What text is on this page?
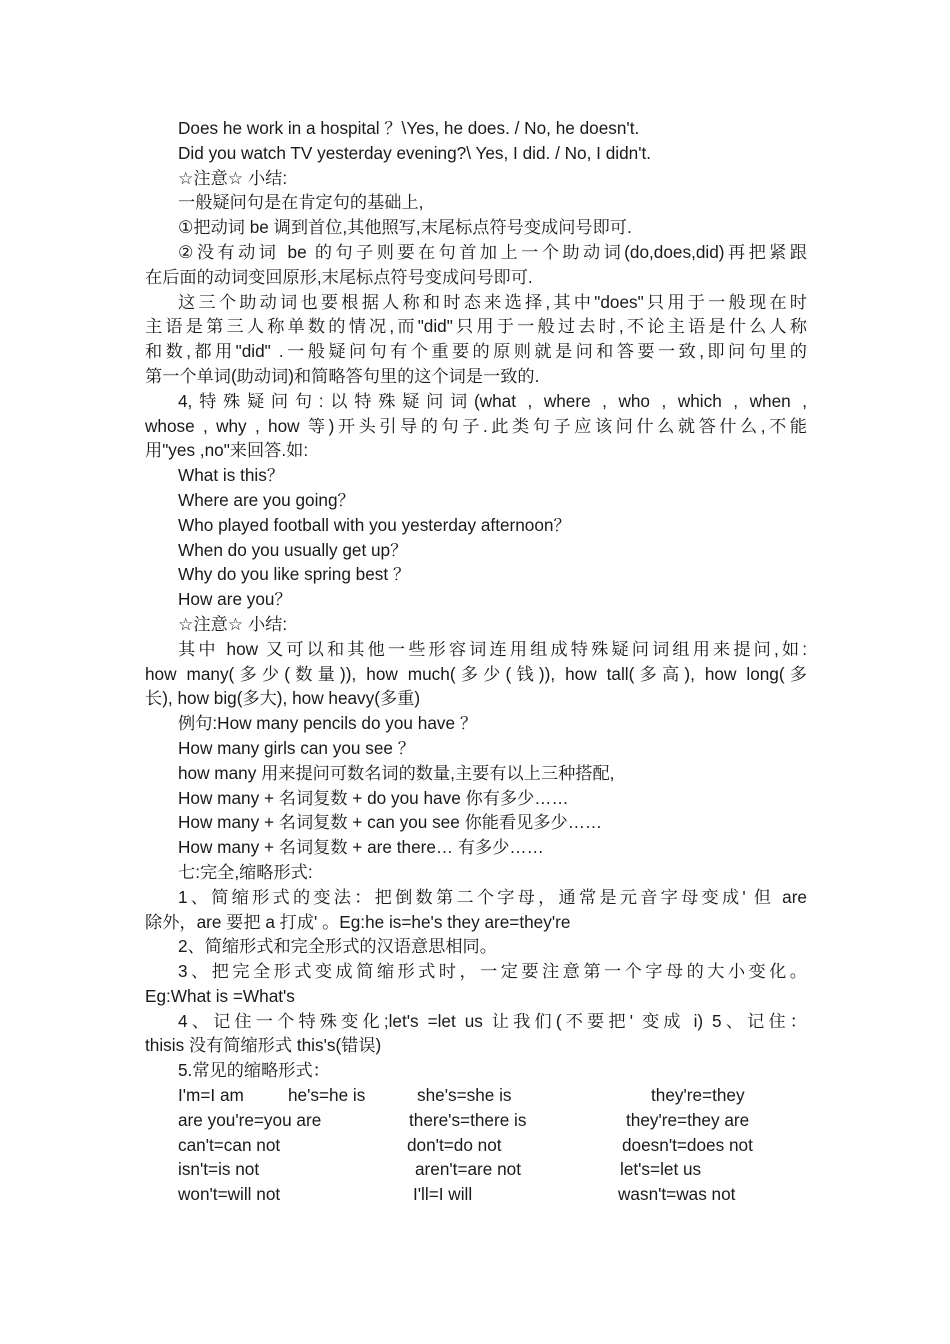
Does he work in a hospital ？\Yes, he does. / No, he doesn't.
Did you watch TV yesterday evening?\ Yes, I did. / No, I didn't.
☆注意☆ 小结:
一般疑问句是在肯定句的基础上,
①把动词 be 调到首位,其他照写,末尾标点符号变成问号即可.
②没有动词 be 的句子则要在句首加上一个助动词(do,does,did)再把紧跟
在后面的动词变回原形,末尾标点符号变成问号即可.
这三个助动词也要根据人称和时态来选择,其中"does"只用于一般现在时
主语是第三人称单数的情况,而"did"只用于一般过去时,不论主语是什么人称
和数,都用"did" .一般疑问句有个重要的原则就是问和答要一致,即问句里的
第一个单词(助动词)和简略答句里的这个词是一致的.
4,特殊疑问句:以特殊疑问词(what , where , who , which , when ,
whose , why , how 等)开头引导的句子.此类句子应该问什么就答什么,不能
用"yes ,no"来回答.如:
What is this？
Where are you going？
Who played football with you yesterday afternoon？
When do you usually get up？
Why do you like spring best ？
How are you？
☆注意☆ 小结:
其中 how 又可以和其他一些形容词连用组成特殊疑问词组用来提问,如:
how many(多少(数量)), how much(多少(钱)), how tall(多高), how long(多
长), how big(多大), how heavy(多重)
例句:How many pencils do you have ？
How many girls can you see ？
how many 用来提问可数名词的数量,主要有以上三种搭配,
How many + 名词复数 + do you have 你有多少……
How many + 名词复数 + can you see 你能看见多少……
How many + 名词复数 + are there… 有多少……
七:完全,缩略形式:
1、简缩形式的变法：把倒数第二个字母，通常是元音字母变成' 但 are
除外，are 要把 a 打成' 。Eg:he is=he's they are=they're
2、简缩形式和完全形式的汉语意思相同。
3、把完全形式变成简缩形式时，一定要注意第一个字母的大小变化。
Eg:What is =What's
4、记住一个特殊变化;let's =let us 让我们(不要把' 变成 i) 5、记住：
thisis 没有简缩形式 this's(错误)
5.常见的缩略形式：
I'm=I am	he's=he is	she's=she is	they're=they
are you're=you are	there's=there is	they're=they are
can't=can not	don't=do not	doesn't=does not
isn't=is not	aren't=are not	let's=let us
won't=will not	I'll=I will	wasn't=was not
